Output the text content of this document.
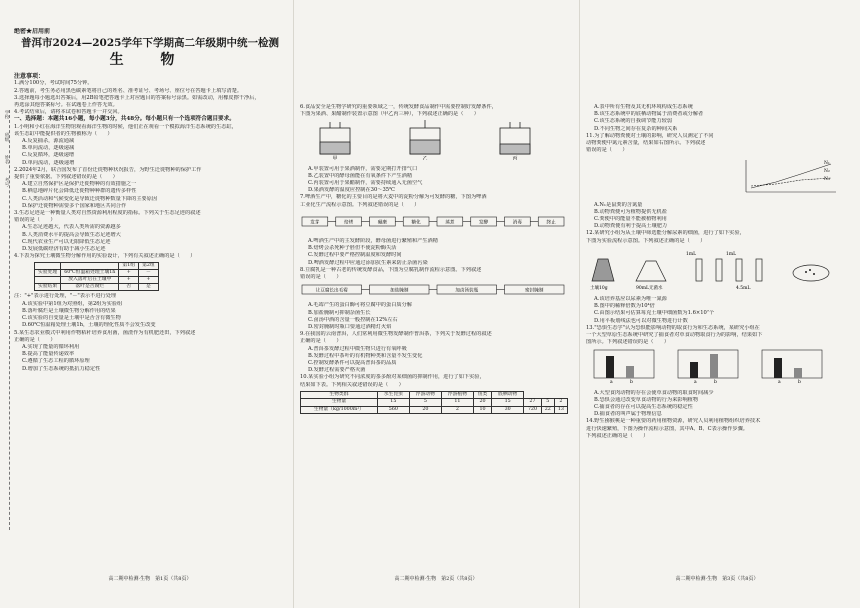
学校　　　班级　　　姓名　　　考号
绝密★启用前
普洱市2024—2025学年下学期高二年级期中统一检测
生 物
注意事项：
1.满分100分，考试时间75分钟。
2.答题前，考生务必用黑色碳素笔将自己的姓名、准考证号、考场号、座位号在答题卡上填写清楚。
3.选择题每小题选出答案后，用2B铅笔把答题卡上对应题目的答案标号涂黑。如需改动，用橡皮擦干净后，
再选涂其他答案标号。在试题卷上作答无效。
4.考试结束后，请将本试卷和答题卡一并交回。
一、选择题：本题共16小题，每小题3分，共48分。每小题只有一个选项符合题目要求。
1.小明和小红在海洋生物馆观看海洋生物的时候，他们正在观看一个模拟海洋生态系统的生态缸，
该生态缸中能提供者的生物被称为（　　）
A.反复捕杀，源流通减
B.单向流动，逐级递减
C.反复循环，逐级递增
D.单向流动，逐级递增
2.2024年2月，联合国发布了首份迁徙物种状况报告，为野生迁徙物种的保护工作
提供了重要依据。下列叙述错误的是（　　）
A.建立自然保护区是保护迁徙物种的有效措施之一
B.栖息地碎片化会降低迁徙物种种群的遗传多样性
C.人类活动和气候变化是导致迁徙物种数量下降的主要原因
D.保护迁徙物种需要多个国家和地区共同合作
3.生态足迹是一种衡量人类对自然资源利用程度的指标。下列关于生态足迹的叙述
错误的是（　　）
A.生态足迹越大，代表人类所需的资源越多
B.人类消费水平的提高会导致生态足迹增大
C.现代农业生产可以无限降低生态足迹
D.发展低碳经济有助于减小生态足迹
4.下表为探究土壤微生物分解作用的实验设计，下列有关叙述正确的是（　　）
		第1组	第2组
实验处理	60℃恒温箱处理土壤1h	+	－
	放入落叶后在土壤中	+	+
实验结果	落叶是否腐烂	否	是
注："+"表示进行处理，"－"表示不进行处理
A.该实验中第1组为对照组，第2组为实验组
B.落叶腐烂是土壤微生物分解作用的结果
C.该实验的自变量是土壤中是否含有微生物
D.60℃恒温箱处理土壤1h，土壤的理化性质不会发生改变
5.某生态农业模式中利用作物秸秆培养食用菌，菌渣作为有机肥还田，下列叙述
正确的是（　　）
A.实现了能量的循环利用
B.提高了能量传递效率
C.遵循了生态工程的循环原理
D.增加了生态系统的抵抗力稳定性
6.食品安全是生物学研究的重要领域之一，传统发酵食品制作中需要控制好发酵条件，
下图为果酒、果醋制作装置示意图（甲乙丙三种），下列叙述正确的是（　　）
甲	乙	丙
A.甲装置可用于果酒制作，需要定期打开排气口
B.乙装置中的酵母菌能在有氧条件下产生酒精
C.丙装置可用于果醋制作，需要持续通入无菌空气
D.果酒发酵的温度应控制在30～35℃
7.啤酒生产中，糖化的主要目的是将大麦中的淀粉分解为可发酵的糖，下图为啤酒
工业化生产流程示意图。下列叙述错误的是（　　）
发芽	焙烤	碾磨	糖化	蒸煮	发酵	消毒	终止
A.啤酒生产中的主发酵阶段，酵母菌进行繁殖和产生酒精
B.焙烤会杀死种子胚但不使淀粉酶失活
C.发酵过程中要严格控制温度和发酵时间
D.啤酒发酵过程中应通过添加抗生素来防止杂菌污染
8.豆腐乳是一种古老的传统发酵食品，下图为豆腐乳制作流程示意图。下列叙述
错误的是（　　）
让豆腐长出毛霉	加盐腌制	加卤汤装瓶	密封腌制
A.毛霉产生的蛋白酶可将豆腐中的蛋白质分解
B.加盐腌制可抑制杂菌生长
C.卤汤中酒的含量一般控制在12%左右
D.密封腌制时瓶口要通过酒精灯火焰
9.在我国的云南普洱，人们常利用微生物发酵制作普洱茶，下列关于发酵过程的叙述
正确的是（　　）
A.普洱茶发酵过程中微生物只进行有氧呼吸
B.发酵过程中茶叶的有机物种类和含量不发生变化
C.控制发酵条件可以提高普洱茶的品质
D.发酵过程需要严格灭菌
10.某实验小组为研究不同浓度的茶多酚对某细菌的抑制作用，进行了如下实验，
结果如下表。下列相关叙述错误的是（　　）
生物类群	水生昆虫	浮游动物	浮游植物	鱼类	底栖动物			
生物量	15	5	11	20	15	27	5	2
生物量（kg/1000m²）	560	20	2	10	30	720	22	13
A.表中所有生物及其无机环境构成生态系统
B.该生态系统中的底栖动物属于消费者或分解者
C.该生态系统的自我调节能力较弱
D.不同生物之间存在复杂的种间关系
11.为了解动物粪便对土壤的影响，研究人员测定了不同
动物粪便中氮元素含量，结果如右图所示。下列叙述
错误的是（　　）
N₁
N₂
N₃
A.N₁是鼠粪的含氮量
B.动物粪便可为植物提供无机盐
C.粪便中的能量不能被植物利用
D.动物粪便有利于提高土壤肥力
12.某研究小组为从土壤中筛选能分解尿素的细菌，进行了如下实验，
下图为实验流程示意图。下列叙述正确的是（　　）
土壤10g	90mL无菌水
1mL	1mL
4.5mL
A.该培养基应以尿素为唯一氮源
B.图中的稀释倍数为10⁴倍
C.由图示结果可估算每克土壤中细菌数为1.6×10⁷个
D.用平板划线法也可以对微生物进行计数
13."恐惧生态学"认为恐惧能影响动物的取食行为和生态系统，某研究小组在
一个大型草原生态系统中研究了捕食者对草食动物取食行为的影响，结果如下
图所示。下列叙述错误的是（　　）
a	b	a	b	a	b
A.大型食肉动物的存在会使草食动物的取食时间减少
B.恐惧会通过改变草食动物的行为来影响植物
C.捕食者的存在可以提高生态系统的稳定性
D.捕食者的叫声属于物理信息
14.野生猕猴桃是一种重要的药用植物资源，研究人员利用植物组织培养技术
进行快速繁殖，下图为操作流程示意图，其中A、B、C表示操作步骤。
下列叙述正确的是（　　）
高二期中检测·生物　第1页（共8页）	高二期中检测·生物　第2页（共8页）	高二期中检测·生物　第3页（共8页）
